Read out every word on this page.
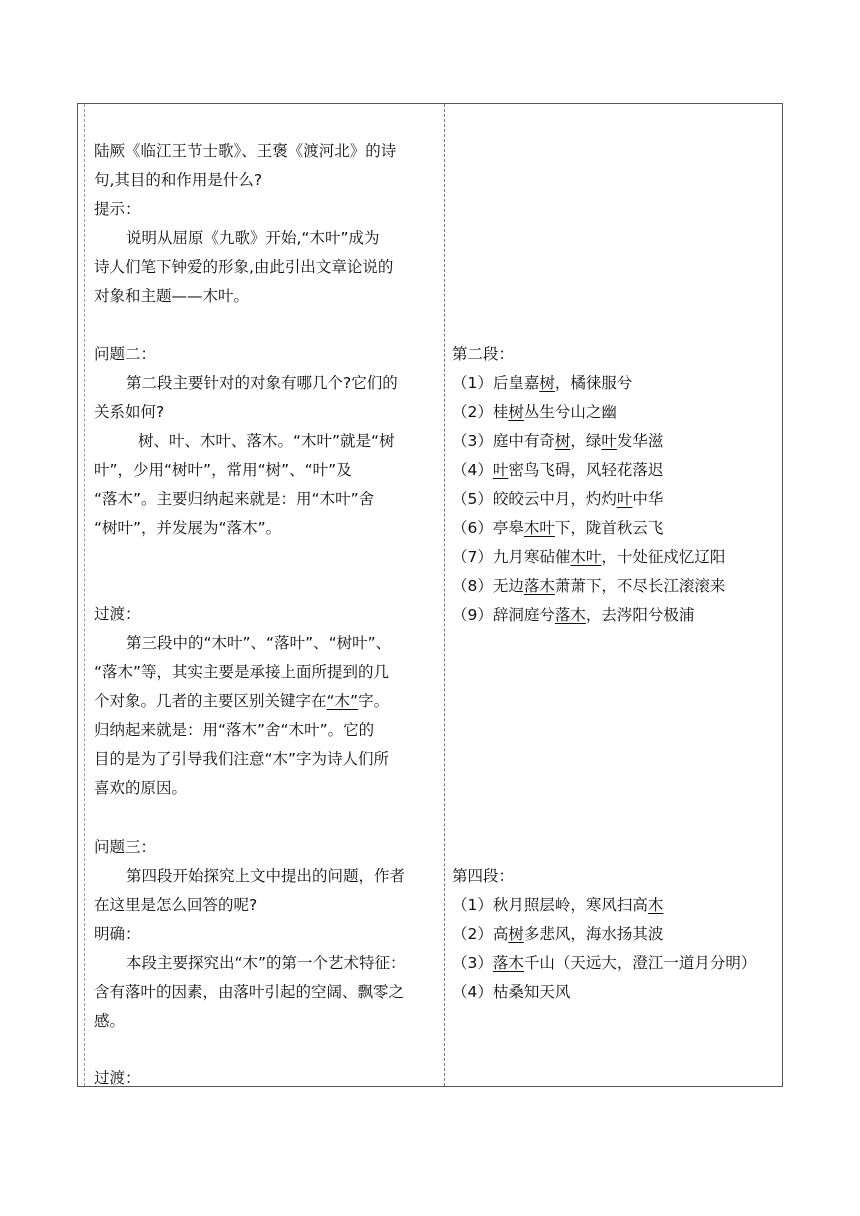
陆厥《临江王节士歌》、王褒《渡河北》的诗
句,其目的和作用是什么?
提示：
说明从屈原《九歌》开始,“木叶”成为
诗人们笔下钟爱的形象,由此引出文章论说的
对象和主题——木叶。
问题二：
第二段主要针对的对象有哪几个?它们的
关系如何?
树、叶、木叶、落木。“木叶”就是“树
叶”，少用“树叶”，常用“树”、“叶”及
“落木”。主要归纳起来就是：用“木叶”舍
“树叶”，并发展为“落木”。
过渡：
第三段中的“木叶”、“落叶”、“树叶”、
“落木”等，其实主要是承接上面所提到的几
个对象。几者的主要区别关键字在“木”字。
归纳起来就是：用“落木”舍“木叶”。它的
目的是为了引导我们注意“木”字为诗人们所
喜欢的原因。
问题三：
第四段开始探究上文中提出的问题，作者
在这里是怎么回答的呢?
明确：
本段主要探究出“木”的第一个艺术特征：
含有落叶的因素，由落叶引起的空阔、飘零之
感。
过渡：
第二段：
（1）后皇嘉树，橘徕服兮
（2）桂树丛生兮山之幽
（3）庭中有奇树，绿叶发华滋
（4）叶密鸟飞碍，风轻花落迟
（5）皎皎云中月，灼灼叶中华
（6）亭皋木叶下，陇首秋云飞
（7）九月寒砧催木叶，十处征戍忆辽阳
（8）无边落木萧萧下，不尽长江滚滚来
（9）辞洞庭兮落木，去涔阳兮极浦
第四段：
（1）秋月照层岭，寒风扫高木
（2）高树多悲风，海水扬其波
（3）落木千山（天远大，澄江一道月分明）
（4）枯桑知天风
